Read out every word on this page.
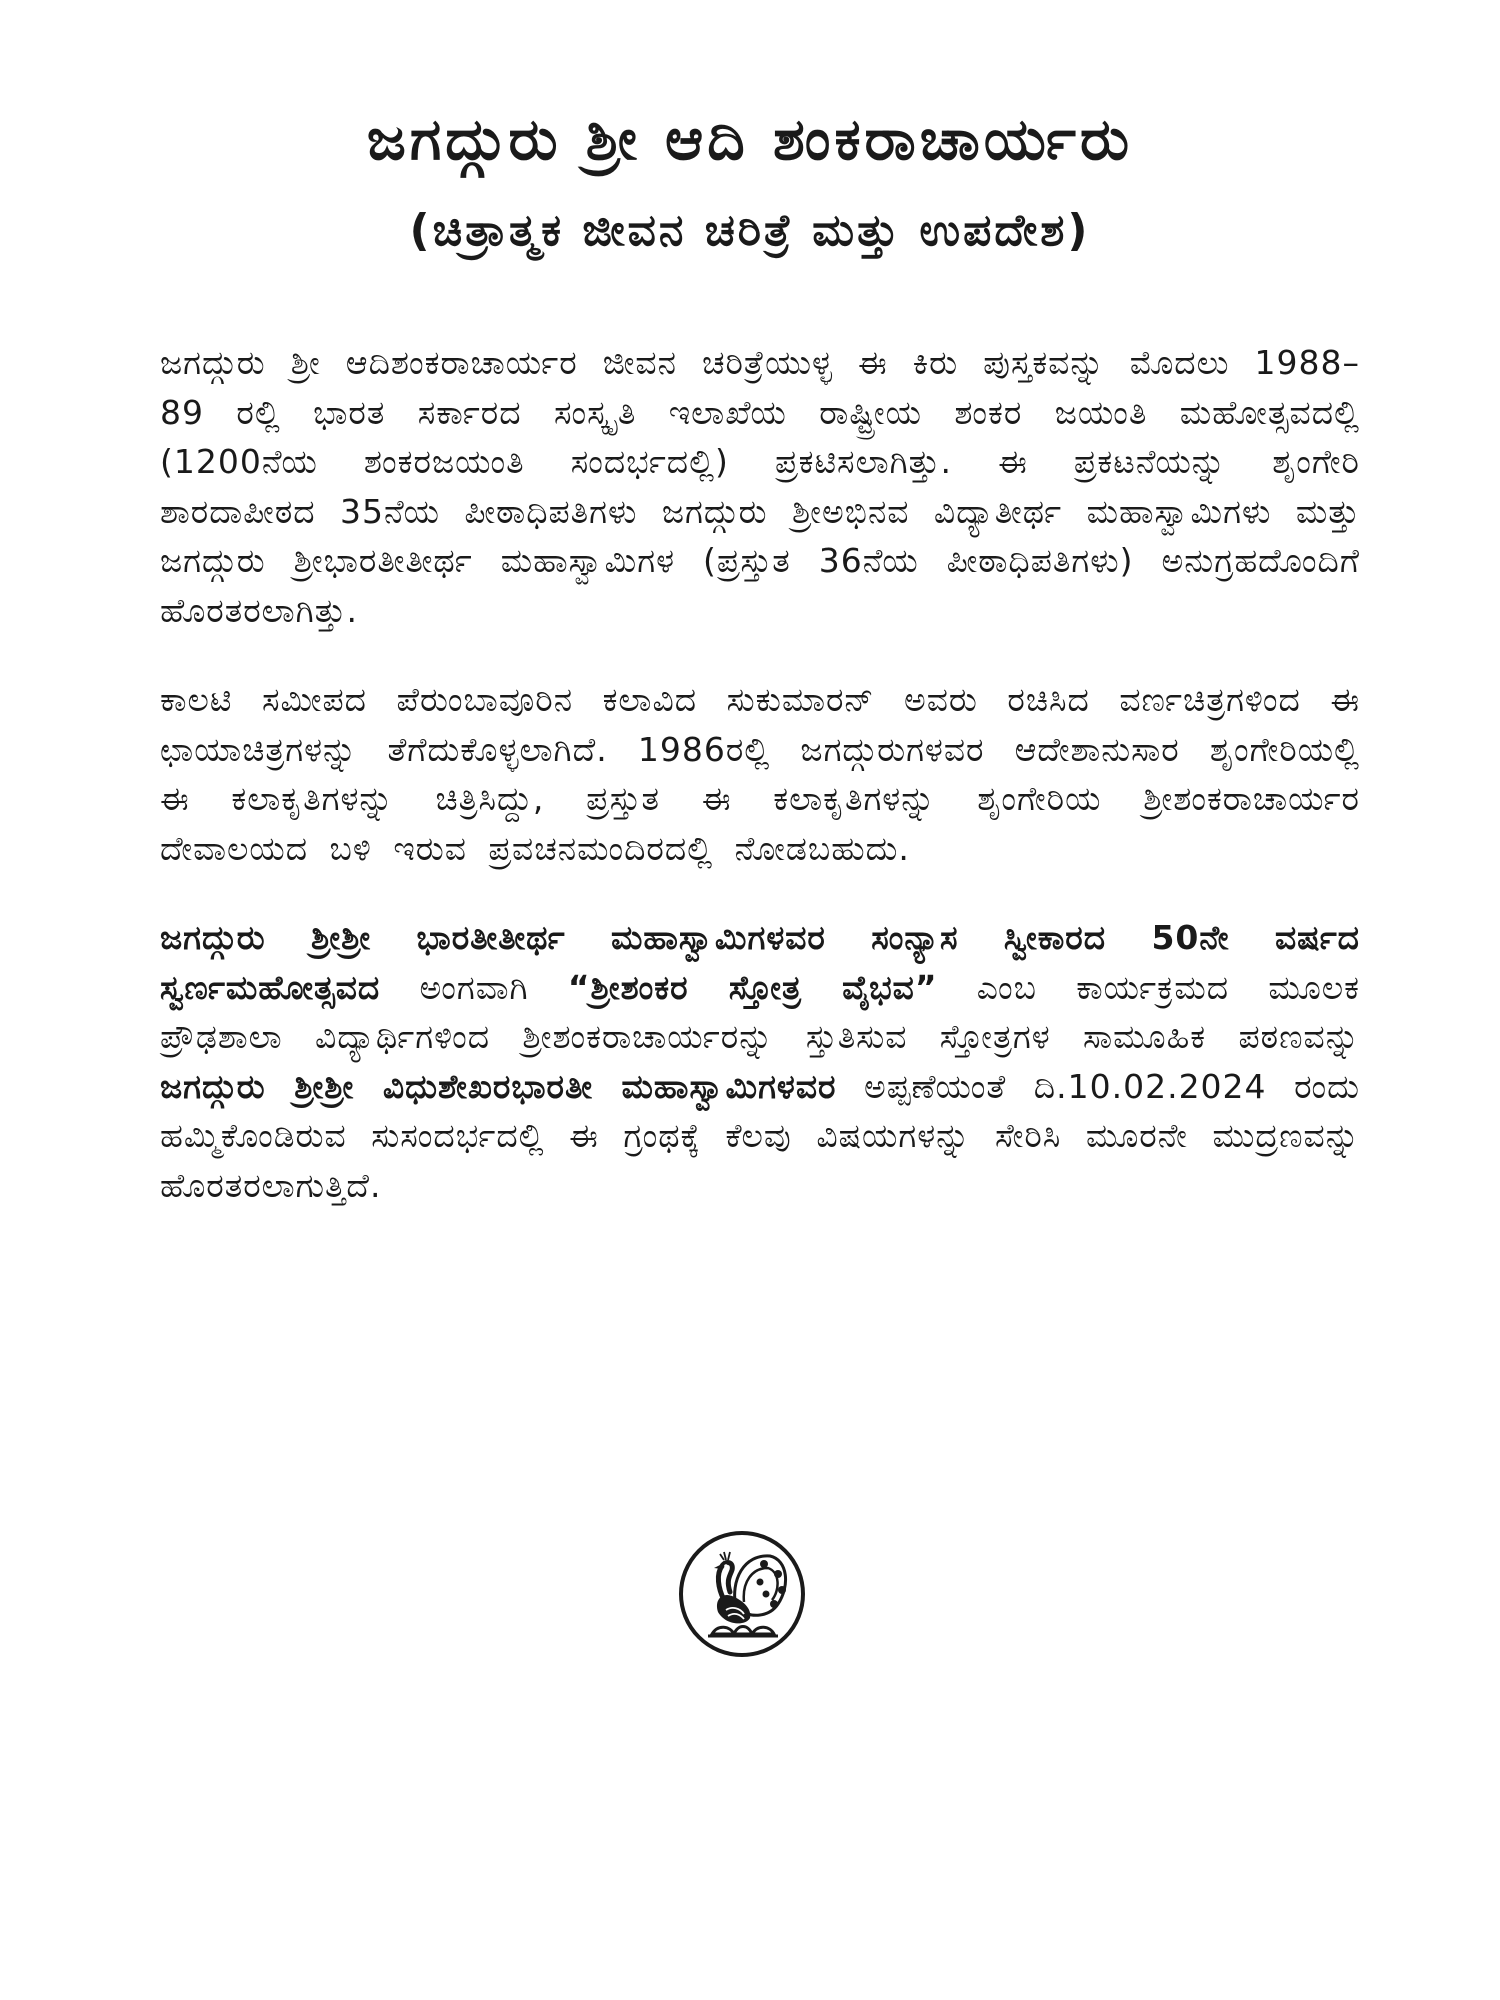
ಜಗದ್ಗುರು ಶ್ರೀ ಆದಿ ಶಂಕರಾಚಾರ್ಯರು
(ಚಿತ್ರಾತ್ಮಕ ಜೀವನ ಚರಿತ್ರೆ ಮತ್ತು ಉಪದೇಶ)

ಜಗದ್ಗುರು ಶ್ರೀ ಆದಿಶಂಕರಾಚಾರ್ಯರ ಜೀವನ ಚರಿತ್ರೆಯುಳ್ಳ ಈ ಕಿರು ಪುಸ್ತಕವನ್ನು ಮೊದಲು 1988–89 ರಲ್ಲಿ ಭಾರತ ಸರ್ಕಾರದ ಸಂಸ್ಕೃತಿ ಇಲಾಖೆಯ ರಾಷ್ಟ್ರೀಯ ಶಂಕರ ಜಯಂತಿ ಮಹೋತ್ಸವದಲ್ಲಿ (1200ನೆಯ ಶಂಕರಜಯಂತಿ ಸಂದರ್ಭದಲ್ಲಿ) ಪ್ರಕಟಿಸಲಾಗಿತ್ತು. ಈ ಪ್ರಕಟನೆಯನ್ನು ಶೃಂಗೇರಿ ಶಾರದಾಪೀಠದ 35ನೆಯ ಪೀಠಾಧಿಪತಿಗಳು ಜಗದ್ಗುರು ಶ್ರೀಅಭಿನವ ವಿದ್ಯಾತೀರ್ಥ ಮಹಾಸ್ವಾಮಿಗಳು ಮತ್ತು ಜಗದ್ಗುರು ಶ್ರೀಭಾರತೀತೀರ್ಥ ಮಹಾಸ್ವಾಮಿಗಳ (ಪ್ರಸ್ತುತ 36ನೆಯ ಪೀಠಾಧಿಪತಿಗಳು) ಅನುಗ್ರಹದೊಂದಿಗೆ ಹೊರತರಲಾಗಿತ್ತು.

ಕಾಲಟಿ ಸಮೀಪದ ಪೆರುಂಬಾವೂರಿನ ಕಲಾವಿದ ಸುಕುಮಾರನ್ ಅವರು ರಚಿಸಿದ ವರ್ಣಚಿತ್ರಗಳಿಂದ ಈ ಛಾಯಾಚಿತ್ರಗಳನ್ನು ತೆಗೆದುಕೊಳ್ಳಲಾಗಿದೆ. 1986ರಲ್ಲಿ ಜಗದ್ಗುರುಗಳವರ ಆದೇಶಾನುಸಾರ ಶೃಂಗೇರಿಯಲ್ಲಿ ಈ ಕಲಾಕೃತಿಗಳನ್ನು ಚಿತ್ರಿಸಿದ್ದು, ಪ್ರಸ್ತುತ ಈ ಕಲಾಕೃತಿಗಳನ್ನು ಶೃಂಗೇರಿಯ ಶ್ರೀಶಂಕರಾಚಾರ್ಯರ ದೇವಾಲಯದ ಬಳಿ ಇರುವ ಪ್ರವಚನಮಂದಿರದಲ್ಲಿ ನೋಡಬಹುದು.

ಜಗದ್ಗುರು ಶ್ರೀಶ್ರೀ ಭಾರತೀತೀರ್ಥ ಮಹಾಸ್ವಾಮಿಗಳವರ ಸಂನ್ಯಾಸ ಸ್ವೀಕಾರದ 50ನೇ ವರ್ಷದ ಸ್ವರ್ಣಮಹೋತ್ಸವದ ಅಂಗವಾಗಿ “ಶ್ರೀಶಂಕರ ಸ್ತೋತ್ರ ವೈಭವ” ಎಂಬ ಕಾರ್ಯಕ್ರಮದ ಮೂಲಕ ಪ್ರೌಢಶಾಲಾ ವಿದ್ಯಾರ್ಥಿಗಳಿಂದ ಶ್ರೀಶಂಕರಾಚಾರ್ಯರನ್ನು ಸ್ತುತಿಸುವ ಸ್ತೋತ್ರಗಳ ಸಾಮೂಹಿಕ ಪಠಣವನ್ನು ಜಗದ್ಗುರು ಶ್ರೀಶ್ರೀ ವಿಧುಶೇಖರಭಾರತೀ ಮಹಾಸ್ವಾಮಿಗಳವರ ಅಪ್ಪಣೆಯಂತೆ ದಿ.10.02.2024 ರಂದು ಹಮ್ಮಿಕೊಂಡಿರುವ ಸುಸಂದರ್ಭದಲ್ಲಿ ಈ ಗ್ರಂಥಕ್ಕೆ ಕೆಲವು ವಿಷಯಗಳನ್ನು ಸೇರಿಸಿ ಮೂರನೇ ಮುದ್ರಣವನ್ನು ಹೊರತರಲಾಗುತ್ತಿದೆ.
